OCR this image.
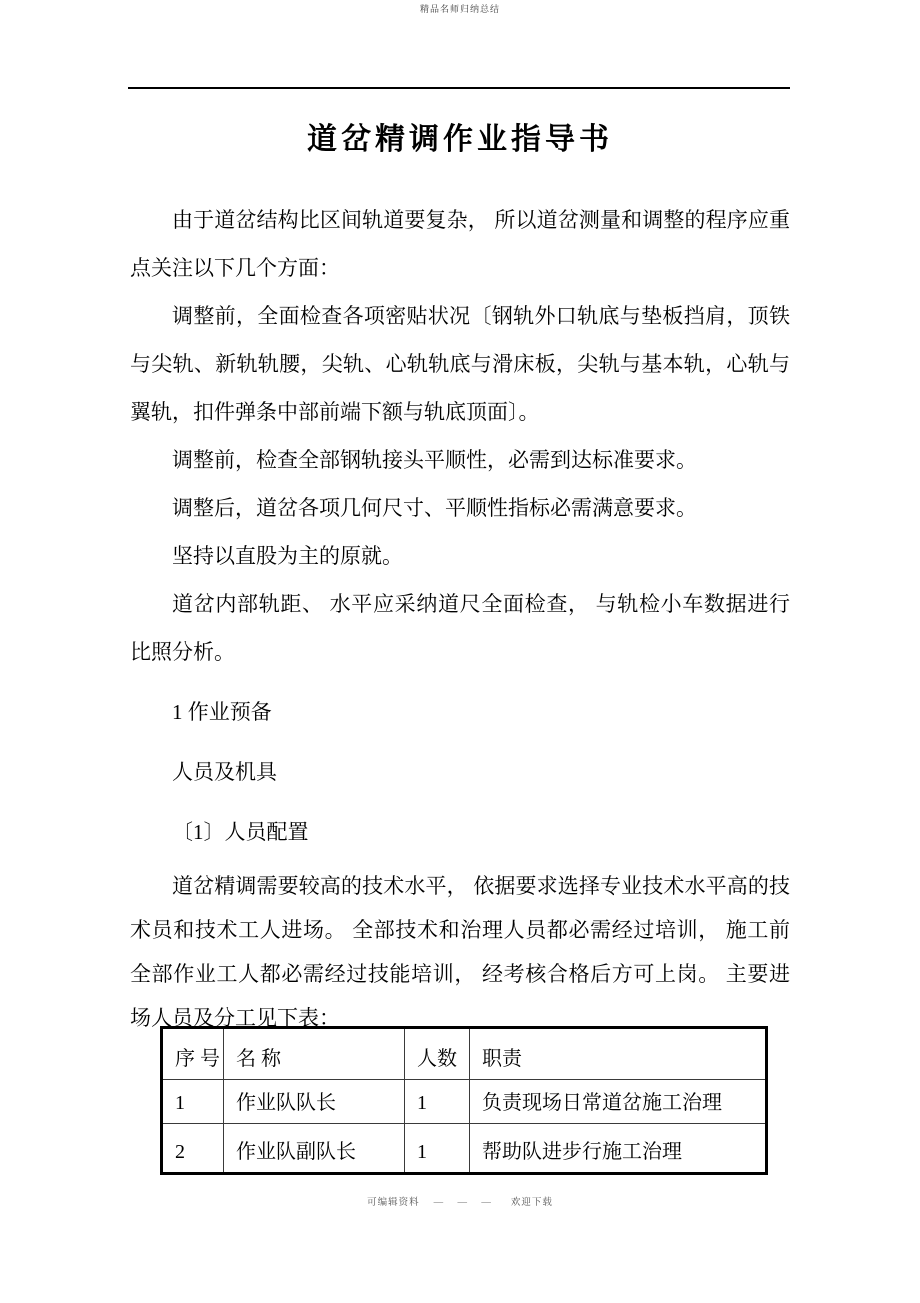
精品名师归纳总结
道岔精调作业指导书

由于道岔结构比区间轨道要复杂， 所以道岔测量和调整的程序应重点关注以下几个方面：

调整前，全面检查各项密贴状况〔钢轨外口轨底与垫板挡肩，顶铁与尖轨、新轨轨腰，尖轨、心轨轨底与滑床板，尖轨与基本轨，心轨与翼轨，扣件弹条中部前端下额与轨底顶面〕。

调整前，检查全部钢轨接头平顺性，必需到达标准要求。

调整后，道岔各项几何尺寸、平顺性指标必需满意要求。

坚持以直股为主的原就。

道岔内部轨距、 水平应采纳道尺全面检查， 与轨检小车数据进行比照分析。

1 作业预备

人员及机具

〔1〕人员配置

道岔精调需要较高的技术水平， 依据要求选择专业技术水平高的技术员和技术工人进场。 全部技术和治理人员都必需经过培训， 施工前全部作业工人都必需经过技能培训， 经考核合格后方可上岗。 主要进场人员及分工见下表：

序 号	名 称	人数	职责
1	作业队队长	1	负责现场日常道岔施工治理
2	作业队副队长	1	帮助队进步行施工治理
可编辑资料 — — — 欢迎下载
